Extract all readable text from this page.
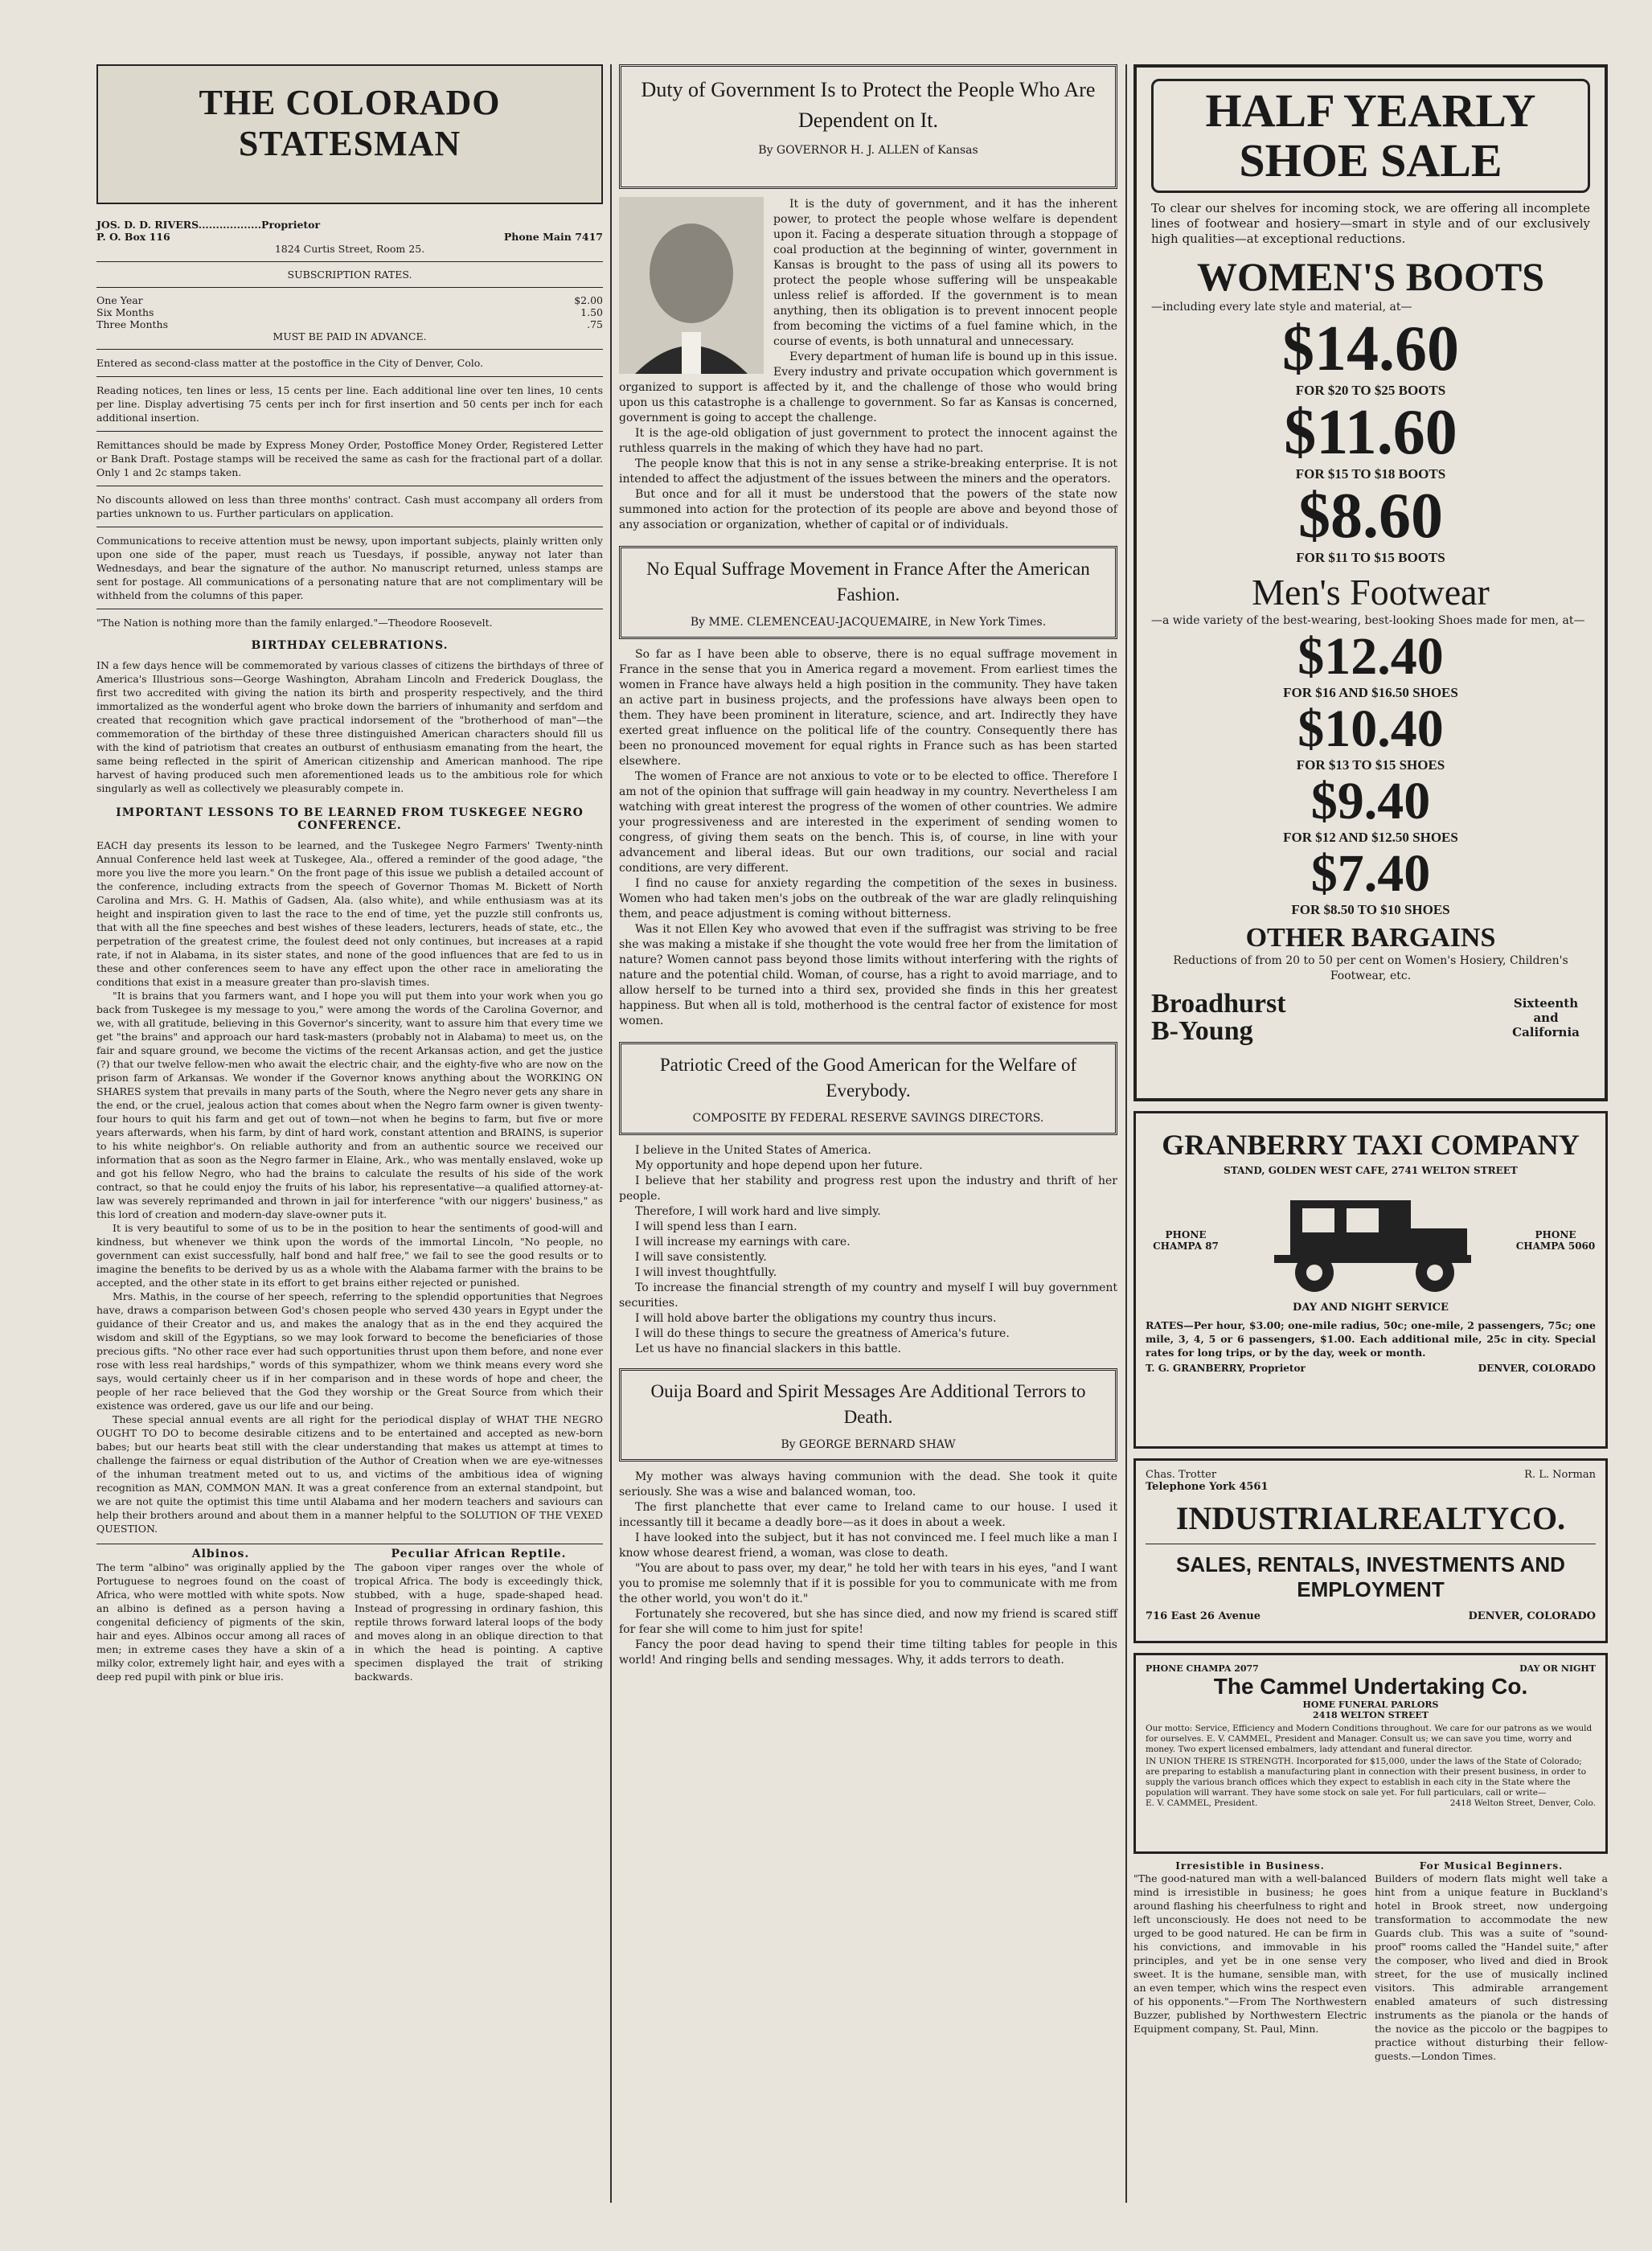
THE COLORADO STATESMAN
JOS. D. D. RIVERS..................Proprietor
P. O. Box 116	Phone Main 7417
1824 Curtis Street, Room 25.
SUBSCRIPTION RATES.
One Year	$2.00
Six Months	1.50
Three Months	.75
MUST BE PAID IN ADVANCE.

Entered as second-class matter at the postoffice in the City of Denver, Colo.

Reading notices, ten lines or less, 15 cents per line. Each additional line over ten lines, 10 cents per line. Display advertising 75 cents per inch for first insertion and 50 cents per inch for each additional insertion.

Remittances should be made by Express Money Order, Postoffice Money Order, Registered Letter or Bank Draft. Postage stamps will be received the same as cash for the fractional part of a dollar. Only 1 and 2c stamps taken.

No discounts allowed on less than three months' contract. Cash must accompany all orders from parties unknown to us. Further particulars on application.

Communications to receive attention must be newsy, upon important subjects, plainly written only upon one side of the paper, must reach us Tuesdays, if possible, anyway not later than Wednesdays, and bear the signature of the author. No manuscript returned, unless stamps are sent for postage. All communications of a personating nature that are not complimentary will be withheld from the columns of this paper.

"The Nation is nothing more than the family enlarged."—Theodore Roosevelt.

BIRTHDAY CELEBRATIONS.

IN a few days hence will be commemorated by various classes of citizens the birthdays of three of America's Illustrious sons—George Washington, Abraham Lincoln and Frederick Douglass, the first two accredited with giving the nation its birth and prosperity respectively, and the third immortalized as the wonderful agent who broke down the barriers of inhumanity and serfdom and created that recognition which gave practical indorsement of the "brotherhood of man"—the commemoration of the birthday of these three distinguished American characters should fill us with the kind of patriotism that creates an outburst of enthusiasm emanating from the heart, the same being reflected in the spirit of American citizenship and American manhood. The ripe harvest of having produced such men aforementioned leads us to the ambitious role for which singularly as well as collectively we pleasurably compete in.

IMPORTANT LESSONS TO BE LEARNED FROM TUSKEGEE NEGRO CONFERENCE.

EACH day presents its lesson to be learned, and the Tuskegee Negro Farmers' Twenty-ninth Annual Conference held last week at Tuskegee, Ala., offered a reminder of the good adage, "the more you live the more you learn." On the front page of this issue we publish a detailed account of the conference, including extracts from the speech of Governor Thomas M. Bickett of North Carolina and Mrs. G. H. Mathis of Gadsen, Ala. (also white), and while enthusiasm was at its height and inspiration given to last the race to the end of time, yet the puzzle still confronts us, that with all the fine speeches and best wishes of these leaders, lecturers, heads of state, etc., the perpetration of the greatest crime, the foulest deed not only continues, but increases at a rapid rate, if not in Alabama, in its sister states, and none of the good influences that are fed to us in these and other conferences seem to have any effect upon the other race in ameliorating the conditions that exist in a measure greater than pro-slavish times.

"It is brains that you farmers want, and I hope you will put them into your work when you go back from Tuskegee is my message to you," were among the words of the Carolina Governor, and we, with all gratitude, believing in this Governor's sincerity, want to assure him that every time we get "the brains" and approach our hard task-masters (probably not in Alabama) to meet us, on the fair and square ground, we become the victims of the recent Arkansas action, and get the justice (?) that our twelve fellow-men who await the electric chair, and the eighty-five who are now on the prison farm of Arkansas. We wonder if the Governor knows anything about the WORKING ON SHARES system that prevails in many parts of the South, where the Negro never gets any share in the end, or the cruel, jealous action that comes about when the Negro farm owner is given twenty-four hours to quit his farm and get out of town—not when he begins to farm, but five or more years afterwards, when his farm, by dint of hard work, constant attention and BRAINS, is superior to his white neighbor's. On reliable authority and from an authentic source we received our information that as soon as the Negro farmer in Elaine, Ark., who was mentally enslaved, woke up and got his fellow Negro, who had the brains to calculate the results of his side of the work contract, so that he could enjoy the fruits of his labor, his representative—a qualified attorney-at-law was severely reprimanded and thrown in jail for interference "with our niggers' business," as this lord of creation and modern-day slave-owner puts it.

It is very beautiful to some of us to be in the position to hear the sentiments of good-will and kindness, but whenever we think upon the words of the immortal Lincoln, "No people, no government can exist successfully, half bond and half free," we fail to see the good results or to imagine the benefits to be derived by us as a whole with the Alabama farmer with the brains to be accepted, and the other state in its effort to get brains either rejected or punished.

Mrs. Mathis, in the course of her speech, referring to the splendid opportunities that Negroes have, draws a comparison between God's chosen people who served 430 years in Egypt under the guidance of their Creator and us, and makes the analogy that as in the end they acquired the wisdom and skill of the Egyptians, so we may look forward to become the beneficiaries of those precious gifts. "No other race ever had such opportunities thrust upon them before, and none ever rose with less real hardships," words of this sympathizer, whom we think means every word she says, would certainly cheer us if in her comparison and in these words of hope and cheer, the people of her race believed that the God they worship or the Great Source from which their existence was ordered, gave us our life and our being.

These special annual events are all right for the periodical display of WHAT THE NEGRO OUGHT TO DO to become desirable citizens and to be entertained and accepted as new-born babes; but our hearts beat still with the clear understanding that makes us attempt at times to challenge the fairness or equal distribution of the Author of Creation when we are eye-witnesses of the inhuman treatment meted out to us, and victims of the ambitious idea of wigning recognition as MAN, COMMON MAN. It was a great conference from an external standpoint, but we are not quite the optimist this time until Alabama and her modern teachers and saviours can help their brothers around and about them in a manner helpful to the SOLUTION OF THE VEXED QUESTION.

Albinos.

The term "albino" was originally applied by the Portuguese to negroes found on the coast of Africa, who were mottled with white spots. Now an albino is defined as a person having a congenital deficiency of pigments of the skin, hair and eyes. Albinos occur among all races of men; in extreme cases they have a skin of a milky color, extremely light hair, and eyes with a deep red pupil with pink or blue iris.

Peculiar African Reptile.

The gaboon viper ranges over the whole of tropical Africa. The body is exceedingly thick, stubbed, with a huge, spade-shaped head. Instead of progressing in ordinary fashion, this reptile throws forward lateral loops of the body and moves along in an oblique direction to that in which the head is pointing. A captive specimen displayed the trait of striking backwards.

Duty of Government Is to Protect the People Who Are Dependent on It.
By GOVERNOR H. J. ALLEN of Kansas

It is the duty of government, and it has the inherent power, to protect the people whose welfare is dependent upon it. Facing a desperate situation through a stoppage of coal production at the beginning of winter, government in Kansas is brought to the pass of using all its powers to protect the people whose suffering will be unspeakable unless relief is afforded. If the government is to mean anything, then its obligation is to prevent innocent people from becoming the victims of a fuel famine which, in the course of events, is both unnatural and unnecessary.

Every department of human life is bound up in this issue. Every industry and private occupation which government is organized to support is affected by it, and the challenge of those who would bring upon us this catastrophe is a challenge to government. So far as Kansas is concerned, government is going to accept the challenge.

It is the age-old obligation of just government to protect the innocent against the ruthless quarrels in the making of which they have had no part.

The people know that this is not in any sense a strike-breaking enterprise. It is not intended to affect the adjustment of the issues between the miners and the operators.

But once and for all it must be understood that the powers of the state now summoned into action for the protection of its people are above and beyond those of any association or organization, whether of capital or of individuals.

No Equal Suffrage Movement in France After the American Fashion.
By MME. CLEMENCEAU-JACQUEMAIRE, in New York Times.

So far as I have been able to observe, there is no equal suffrage movement in France in the sense that you in America regard a movement. From earliest times the women in France have always held a high position in the community. They have taken an active part in business projects, and the professions have always been open to them. They have been prominent in literature, science, and art. Indirectly they have exerted great influence on the political life of the country. Consequently there has been no pronounced movement for equal rights in France such as has been started elsewhere.

The women of France are not anxious to vote or to be elected to office. Therefore I am not of the opinion that suffrage will gain headway in my country. Nevertheless I am watching with great interest the progress of the women of other countries. We admire your progressiveness and are interested in the experiment of sending women to congress, of giving them seats on the bench. This is, of course, in line with your advancement and liberal ideas. But our own traditions, our social and racial conditions, are very different.

I find no cause for anxiety regarding the competition of the sexes in business. Women who had taken men's jobs on the outbreak of the war are gladly relinquishing them, and peace adjustment is coming without bitterness.

Was it not Ellen Key who avowed that even if the suffragist was striving to be free she was making a mistake if she thought the vote would free her from the limitation of nature? Women cannot pass beyond those limits without interfering with the rights of nature and the potential child. Woman, of course, has a right to avoid marriage, and to allow herself to be turned into a third sex, provided she finds in this her greatest happiness. But when all is told, motherhood is the central factor of existence for most women.

Patriotic Creed of the Good American for the Welfare of Everybody.
COMPOSITE BY FEDERAL RESERVE SAVINGS DIRECTORS.

I believe in the United States of America.

My opportunity and hope depend upon her future.

I believe that her stability and progress rest upon the industry and thrift of her people.

Therefore, I will work hard and live simply.

I will spend less than I earn.

I will increase my earnings with care.

I will save consistently.

I will invest thoughtfully.

To increase the financial strength of my country and myself I will buy government securities.

I will hold above barter the obligations my country thus incurs.

I will do these things to secure the greatness of America's future.

Let us have no financial slackers in this battle.

Ouija Board and Spirit Messages Are Additional Terrors to Death.
By GEORGE BERNARD SHAW

My mother was always having communion with the dead. She took it quite seriously. She was a wise and balanced woman, too.

The first planchette that ever came to Ireland came to our house. I used it incessantly till it became a deadly bore—as it does in about a week.

I have looked into the subject, but it has not convinced me. I feel much like a man I know whose dearest friend, a woman, was close to death.

"You are about to pass over, my dear," he told her with tears in his eyes, "and I want you to promise me solemnly that if it is possible for you to communicate with me from the other world, you won't do it."

Fortunately she recovered, but she has since died, and now my friend is scared stiff for fear she will come to him just for spite!

Fancy the poor dead having to spend their time tilting tables for people in this world! And ringing bells and sending messages. Why, it adds terrors to death.

HALF YEARLY
SHOE SALE

To clear our shelves for incoming stock, we are offering all incomplete lines of footwear and hosiery—smart in style and of our exclusively high qualities—at exceptional reductions.

WOMEN'S BOOTS
—including every late style and material, at—
$14.60
FOR $20 TO $25 BOOTS
$11.60
FOR $15 TO $18 BOOTS
$8.60
FOR $11 TO $15 BOOTS
Men's Footwear
—a wide variety of the best-wearing, best-looking Shoes made for men, at—
$12.40
FOR $16 AND $16.50 SHOES
$10.40
FOR $13 TO $15 SHOES
$9.40
FOR $12 AND $12.50 SHOES
$7.40
FOR $8.50 TO $10 SHOES
OTHER BARGAINS
Reductions of from 20 to 50 per cent on Women's Hosiery, Children's Footwear, etc.
Broadhurst
B-Young
Sixteenth and California
GRANBERRY TAXI COMPANY
STAND, GOLDEN WEST CAFE, 2741 WELTON STREET
PHONE CHAMPA 87
PHONE CHAMPA 5060
DAY AND NIGHT SERVICE

RATES—Per hour, $3.00; one-mile radius, 50c; one-mile, 2 passengers, 75c; one mile, 3, 4, 5 or 6 passengers, $1.00. Each additional mile, 25c in city. Special rates for long trips, or by the day, week or month.

T. G. GRANBERRY, Proprietor	DENVER, COLORADO
Chas. Trotter	R. L. Norman
Telephone York 4561
INDUSTRIALREALTYCO.
SALES, RENTALS, INVESTMENTS AND EMPLOYMENT
716 East 26 Avenue	DENVER, COLORADO
PHONE CHAMPA 2077	DAY OR NIGHT
The Cammel Undertaking Co.
HOME FUNERAL PARLORS
2418 WELTON STREET

Our motto: Service, Efficiency and Modern Conditions throughout. We care for our patrons as we would for ourselves. E. V. CAMMEL, President and Manager. Consult us; we can save you time, worry and money. Two expert licensed embalmers, lady attendant and funeral director.

IN UNION THERE IS STRENGTH. Incorporated for $15,000, under the laws of the State of Colorado; are preparing to establish a manufacturing plant in connection with their present business, in order to supply the various branch offices which they expect to establish in each city in the State where the population will warrant. They have some stock on sale yet. For full particulars, call or write—

E. V. CAMMEL, President.	2418 Welton Street, Denver, Colo.
Irresistible in Business.

"The good-natured man with a well-balanced mind is irresistible in business; he goes around flashing his cheerfulness to right and left unconsciously. He does not need to be urged to be good natured. He can be firm in his convictions, and immovable in his principles, and yet be in one sense very sweet. It is the humane, sensible man, with an even temper, which wins the respect even of his opponents."—From The Northwestern Buzzer, published by Northwestern Electric Equipment company, St. Paul, Minn.

For Musical Beginners.

Builders of modern flats might well take a hint from a unique feature in Buckland's hotel in Brook street, now undergoing transformation to accommodate the new Guards club. This was a suite of "sound-proof" rooms called the "Handel suite," after the composer, who lived and died in Brook street, for the use of musically inclined visitors. This admirable arrangement enabled amateurs of such distressing instruments as the pianola or the hands of the novice as the piccolo or the bagpipes to practice without disturbing their fellow-guests.—London Times.
